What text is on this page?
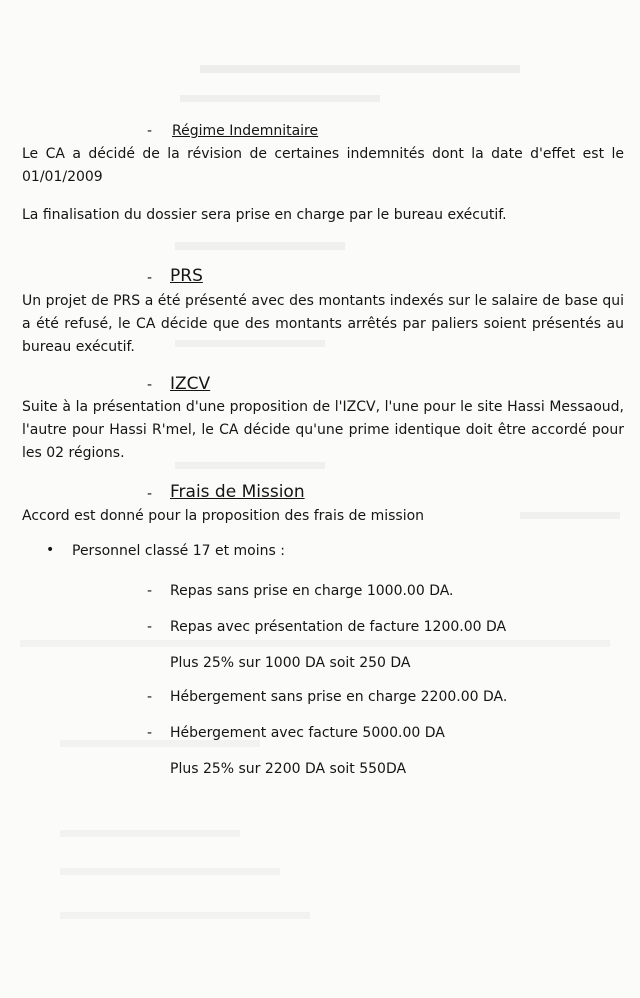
- Régime Indemnitaire
Le CA a décidé de la révision de certaines indemnités dont la date d'effet est le 01/01/2009
La finalisation du dossier sera prise en charge par le bureau exécutif.
- PRS
Un projet de PRS a été présenté avec des montants indexés sur le salaire de base qui a été refusé, le CA décide que des montants arrêtés par paliers soient présentés au bureau exécutif.
- IZCV
Suite à la présentation d'une proposition de l'IZCV, l'une pour le site Hassi Messaoud, l'autre pour Hassi R'mel, le CA décide qu'une prime identique doit être accordé pour les 02 régions.
- Frais de Mission
Accord est donné pour la proposition des frais de mission
• Personnel classé 17 et moins :
- Repas sans prise en charge 1000.00 DA.
- Repas avec présentation de facture 1200.00 DA
Plus 25% sur 1000 DA soit 250 DA
- Hébergement sans prise en charge 2200.00 DA.
- Hébergement avec facture 5000.00 DA
Plus 25% sur 2200 DA soit 550DA
